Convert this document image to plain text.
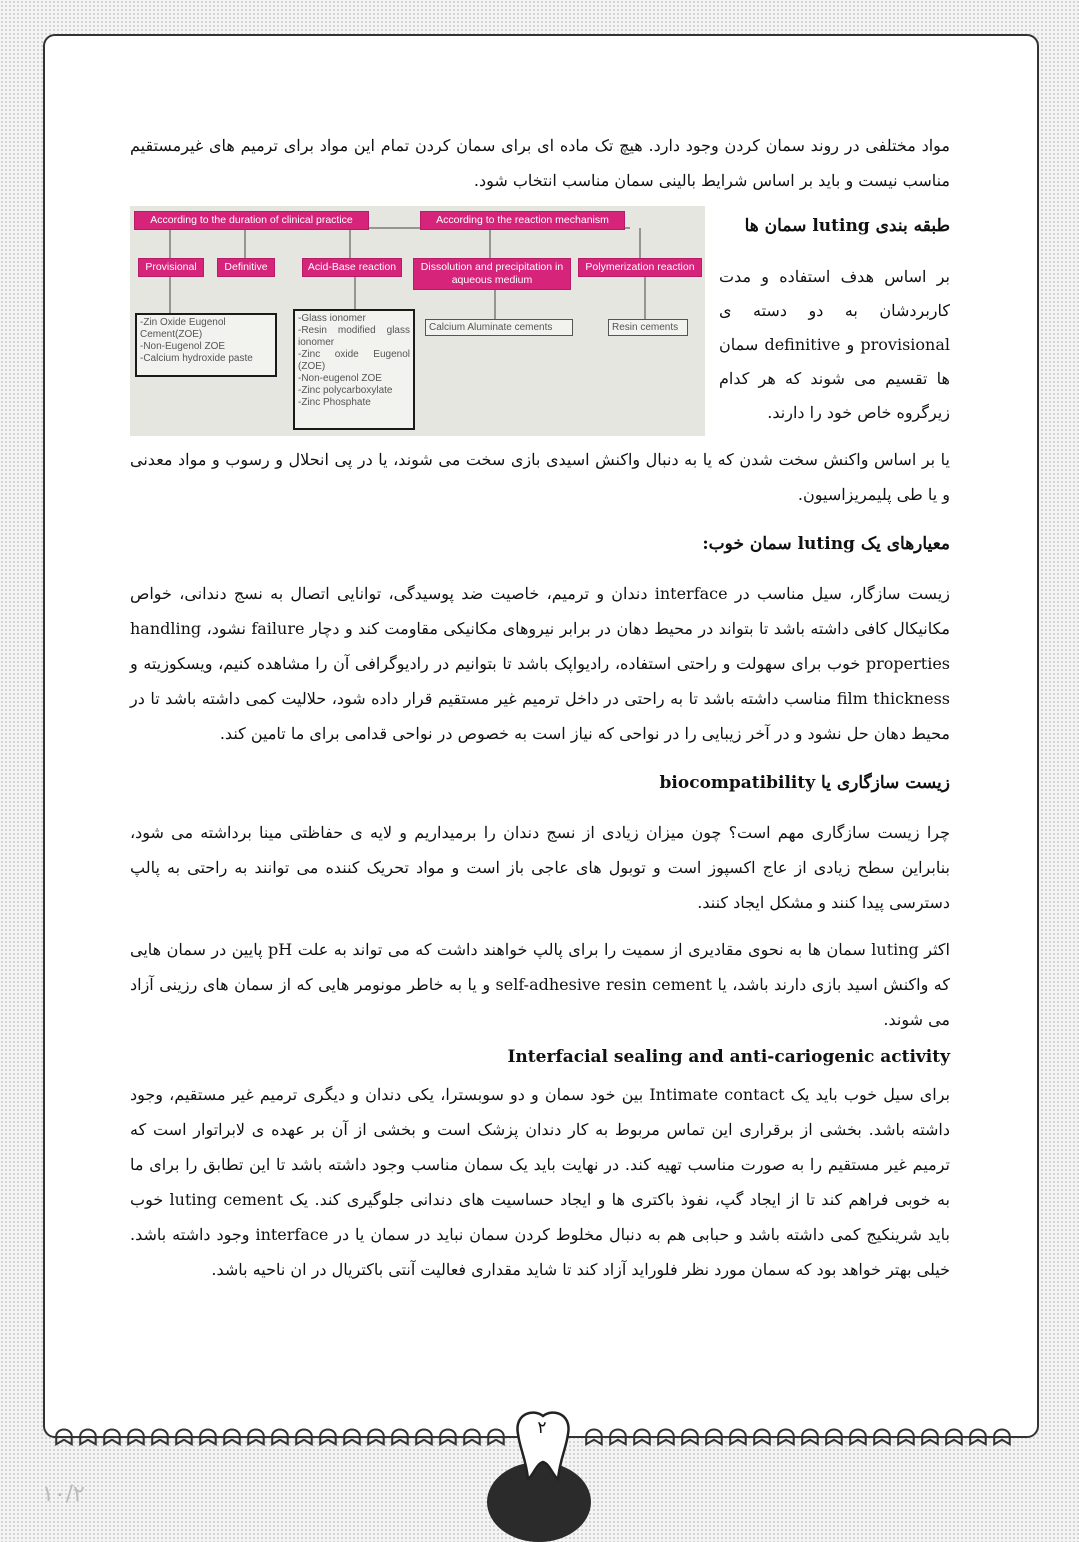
مواد مختلفی در روند سمان کردن وجود دارد. هیچ تک ماده ای برای سمان کردن تمام این مواد برای ترمیم های غیرمستقیم مناسب نیست و باید بر اساس شرایط بالینی سمان مناسب انتخاب شود.

طبقه بندی luting سمان ها

بر اساس هدف استفاده و مدت کاربردشان به دو دسته ی provisional و definitive سمان ها تقسیم می شوند که هر کدام زیرگروه خاص خود را دارند.

According to the duration of clinical practice	According to the reaction mechanism
Provisional	Definitive	Acid-Base reaction	Dissolution and precipitation in aqueous medium
Polymerization reaction
-Zin Oxide Eugenol
Cement(ZOE)
-Non-Eugenol ZOE
-Calcium hydroxide paste
-Glass ionomer
-Resin modified glass ionomer
-Zinc oxide Eugenol (ZOE)
-Non-eugenol ZOE
-Zinc polycarboxylate
-Zinc Phosphate
Calcium Aluminate cements	Resin cements

یا بر اساس واکنش سخت شدن که یا به دنبال واکنش اسیدی بازی سخت می شوند، یا در پی انحلال و رسوب و مواد معدنی و یا طی پلیمریزاسیون.

معیارهای یک luting سمان خوب:

زیست سازگار، سیل مناسب در interface دندان و ترمیم، خاصیت ضد پوسیدگی، توانایی اتصال به نسج دندانی، خواص مکانیکال کافی داشته باشد تا بتواند در محیط دهان در برابر نیروهای مکانیکی مقاومت کند و دچار failure نشود، handling properties خوب برای سهولت و راحتی استفاده، رادیواپک باشد تا بتوانیم در رادیوگرافی آن را مشاهده کنیم، ویسکوزیته و film thickness مناسب داشته باشد تا به راحتی در داخل ترمیم غیر مستقیم قرار داده شود، حلالیت کمی داشته باشد تا در محیط دهان حل نشود و در آخر زیبایی را در نواحی که نیاز است به خصوص در نواحی قدامی برای ما تامین کند.

زیست سازگاری یا biocompatibility

چرا زیست سازگاری مهم است؟ چون میزان زیادی از نسج دندان را برمیداریم و لایه ی حفاظتی مینا برداشته می شود، بنابراین سطح زیادی از عاج اکسپوز است و توبول های عاجی باز است و مواد تحریک کننده می توانند به راحتی به پالپ دسترسی پیدا کنند و مشکل ایجاد کنند.

اکثر luting سمان ها به نحوی مقادیری از سمیت را برای پالپ خواهند داشت که می تواند به علت pH پایین در سمان هایی که واکنش اسید بازی دارند باشد، یا self-adhesive resin cement و یا به خاطر مونومر هایی که از سمان های رزینی آزاد می شوند.

Interfacial sealing and anti-cariogenic activity

برای سیل خوب باید یک Intimate contact بین خود سمان و دو سوبسترا، یکی دندان و دیگری ترمیم غیر مستقیم، وجود داشته باشد. بخشی از برقراری این تماس مربوط به کار دندان پزشک است و بخشی از آن بر عهده ی لابراتوار است که ترمیم غیر مستقیم را به صورت مناسب تهیه کند. در نهایت باید یک سمان مناسب وجود داشته باشد تا این تطابق را برای ما به خوبی فراهم کند تا از ایجاد گپ، نفوذ باکتری ها و ایجاد حساسیت های دندانی جلوگیری کند. یک luting cement خوب باید شرینکیج کمی داشته باشد و حبابی هم به دنبال مخلوط کردن سمان نباید در سمان یا در interface وجود داشته باشد. خیلی بهتر خواهد بود که سمان مورد نظر فلوراید آزاد کند تا شاید مقداری فعالیت آنتی باکتریال در ان ناحیه باشد.

ᗣ ᗣ ᗣ ᗣ ᗣ ᗣ ᗣ ᗣ ᗣ ᗣ ᗣ ᗣ ᗣ ᗣ ᗣ ᗣ ᗣ ᗣ ᗣ	ᗣ ᗣ ᗣ ᗣ ᗣ ᗣ ᗣ ᗣ ᗣ ᗣ ᗣ ᗣ ᗣ ᗣ ᗣ ᗣ ᗣ ᗣ
۲
۱۰/۲
